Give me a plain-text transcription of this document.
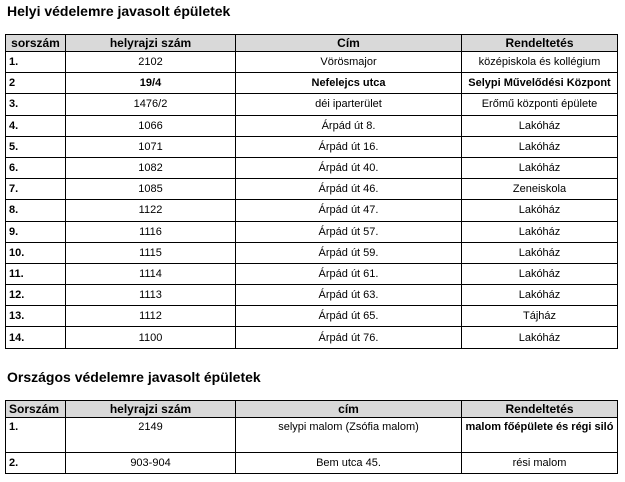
Helyi védelemre javasolt épületek
sorszám	helyrajzi szám	Cím	Rendeltetés
1.	2102	Vörösmajor	középiskola és kollégium
2	19/4	Nefelejcs utca	Selypi Művelődési Központ
3.	1476/2	déi iparterület	Erőmű központi épülete
4.	1066	Árpád út 8.	Lakóház
5.	1071	Árpád út 16.	Lakóház
6.	1082	Árpád út 40.	Lakóház
7.	1085	Árpád út 46.	Zeneiskola
8.	1122	Árpád út 47.	Lakóház
9.	1116	Árpád út 57.	Lakóház
10.	1115	Árpád út 59.	Lakóház
11.	1114	Árpád út 61.	Lakóház
12.	1113	Árpád út 63.	Lakóház
13.	1112	Árpád út 65.	Tájház
14.	1100	Árpád út 76.	Lakóház
Országos védelemre javasolt épületek
Sorszám	helyrajzi szám	cím	Rendeltetés
1.	2149	selypi malom (Zsófia malom)	malom főépülete és régi siló
2.	903-904	Bem utca 45.	rési malom
